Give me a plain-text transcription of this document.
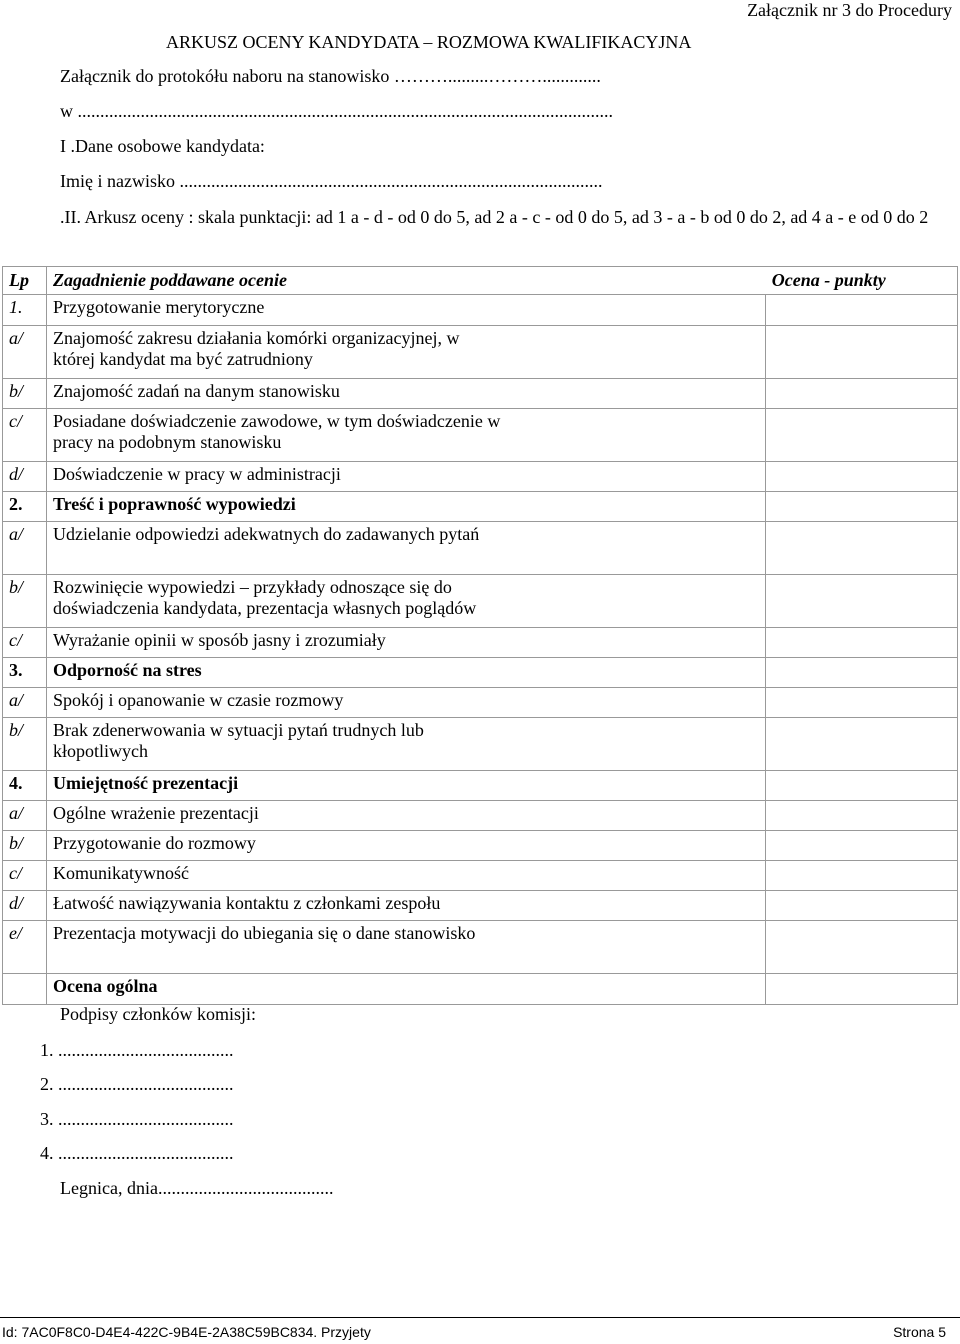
Załącznik nr 3 do Procedury
ARKUSZ OCENY KANDYDATA – ROZMOWA KWALIFIKACYJNA
Załącznik do protokółu naboru na stanowisko ……….........……….............
w .......................................................................................................................
I .Dane osobowe kandydata:
Imię i nazwisko ..............................................................................................
.II. Arkusz oceny : skala punktacji: ad 1 a - d - od 0 do 5, ad 2 a - c - od 0 do 5, ad 3 - a - b od 0 do 2, ad 4 a - e od 0 do 2
Lp	Zagadnienie poddawane ocenie	Ocena - punkty

1.	Przygotowanie merytoryczne	

a/	Znajomość zakresu działania komórki organizacyjnej, w której kandydat ma być zatrudniony	

b/	Znajomość zadań na danym stanowisku	

c/	Posiadane doświadczenie zawodowe, w tym doświadczenie w pracy na podobnym stanowisku	

d/	Doświadczenie w pracy w administracji	

2.	Treść i poprawność wypowiedzi	

a/	Udzielanie odpowiedzi adekwatnych do zadawanych pytań	

b/	Rozwinięcie wypowiedzi – przykłady odnoszące się do doświadczenia kandydata, prezentacja własnych poglądów	

c/	Wyrażanie opinii w sposób jasny i zrozumiały	

3.	Odporność na stres	

a/	Spokój i opanowanie w czasie rozmowy	

b/	Brak zdenerwowania w sytuacji pytań trudnych lub kłopotliwych	

4.	Umiejętność prezentacji	

a/	Ogólne wrażenie prezentacji	

b/	Przygotowanie do rozmowy	

c/	Komunikatywność	

d/	Łatwość nawiązywania kontaktu z członkami zespołu	

e/	Prezentacja motywacji do ubiegania się o dane stanowisko	

	Ocena ogólna	

Podpisy członków komisji:
1. .......................................
2. .......................................
3. .......................................
4. .......................................
Legnica, dnia.......................................
Id: 7AC0F8C0-D4E4-422C-9B4E-2A38C59BC834. Przyjety	Strona 5
